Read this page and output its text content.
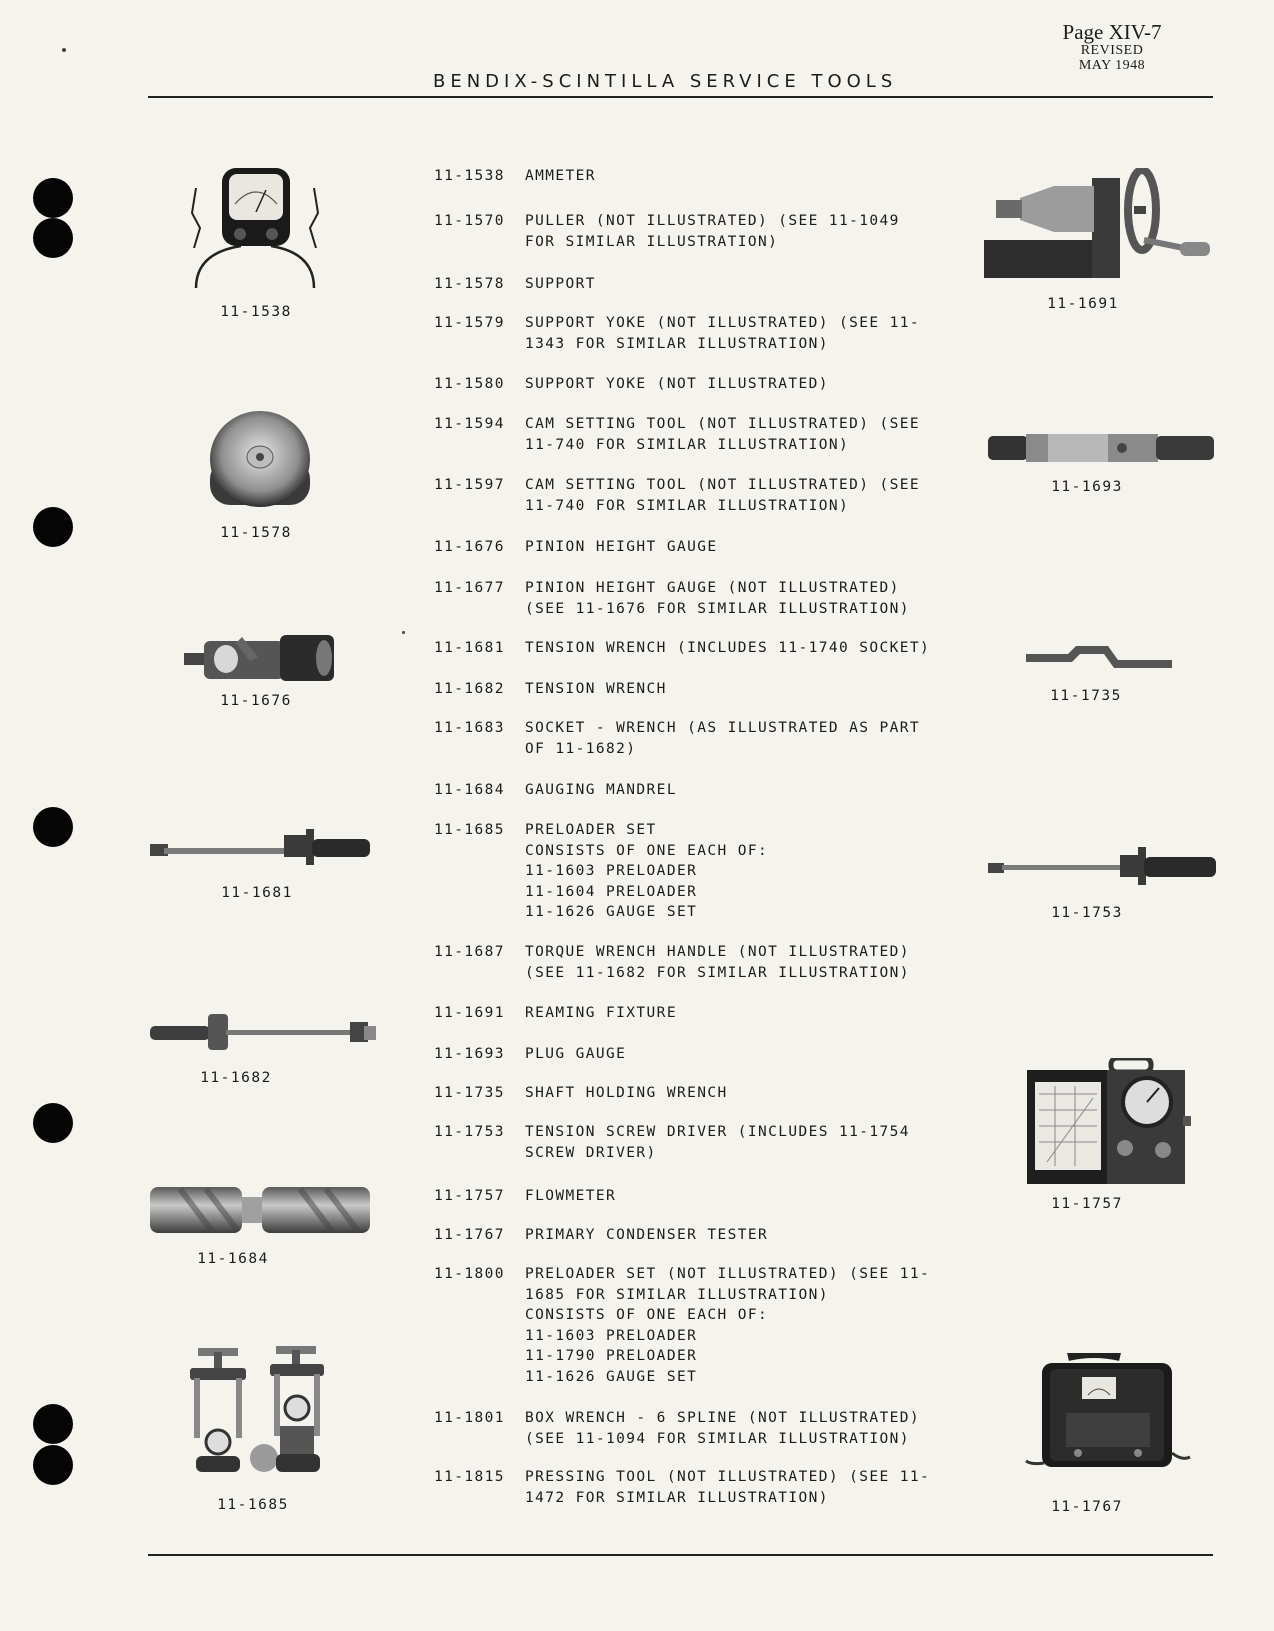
Page XIV-7
REVISED
MAY 1948
BENDIX-SCINTILLA SERVICE TOOLS
11-1538 AMMETER
11-1570 PULLER (NOT ILLUSTRATED) (SEE 11-1049
FOR SIMILAR ILLUSTRATION)
11-1578 SUPPORT
11-1579 SUPPORT YOKE (NOT ILLUSTRATED) (SEE 11-
1343 FOR SIMILAR ILLUSTRATION)
11-1580 SUPPORT YOKE (NOT ILLUSTRATED)
11-1594 CAM SETTING TOOL (NOT ILLUSTRATED) (SEE
11-740 FOR SIMILAR ILLUSTRATION)
11-1597 CAM SETTING TOOL (NOT ILLUSTRATED) (SEE
11-740 FOR SIMILAR ILLUSTRATION)
11-1676 PINION HEIGHT GAUGE
11-1677 PINION HEIGHT GAUGE (NOT ILLUSTRATED)
(SEE 11-1676 FOR SIMILAR ILLUSTRATION)
11-1681 TENSION WRENCH (INCLUDES 11-1740 SOCKET)
11-1682 TENSION WRENCH
11-1683 SOCKET - WRENCH (AS ILLUSTRATED AS PART
OF 11-1682)
11-1684 GAUGING MANDREL
11-1685 PRELOADER SET
CONSISTS OF ONE EACH OF:
11-1603 PRELOADER
11-1604 PRELOADER
11-1626 GAUGE SET
11-1687 TORQUE WRENCH HANDLE (NOT ILLUSTRATED)
(SEE 11-1682 FOR SIMILAR ILLUSTRATION)
11-1691 REAMING FIXTURE
11-1693 PLUG GAUGE
11-1735 SHAFT HOLDING WRENCH
11-1753 TENSION SCREW DRIVER (INCLUDES 11-1754
SCREW DRIVER)
11-1757 FLOWMETER
11-1767 PRIMARY CONDENSER TESTER
11-1800 PRELOADER SET (NOT ILLUSTRATED) (SEE 11-
1685 FOR SIMILAR ILLUSTRATION)
CONSISTS OF ONE EACH OF:
11-1603 PRELOADER
11-1790 PRELOADER
11-1626 GAUGE SET
11-1801 BOX WRENCH - 6 SPLINE (NOT ILLUSTRATED)
(SEE 11-1094 FOR SIMILAR ILLUSTRATION)
11-1815 PRESSING TOOL (NOT ILLUSTRATED) (SEE 11-
1472 FOR SIMILAR ILLUSTRATION)
11-1538
11-1578
11-1676
11-1681
11-1682
11-1684
11-1685
11-1691
11-1693
11-1735
11-1753
11-1757
11-1767
